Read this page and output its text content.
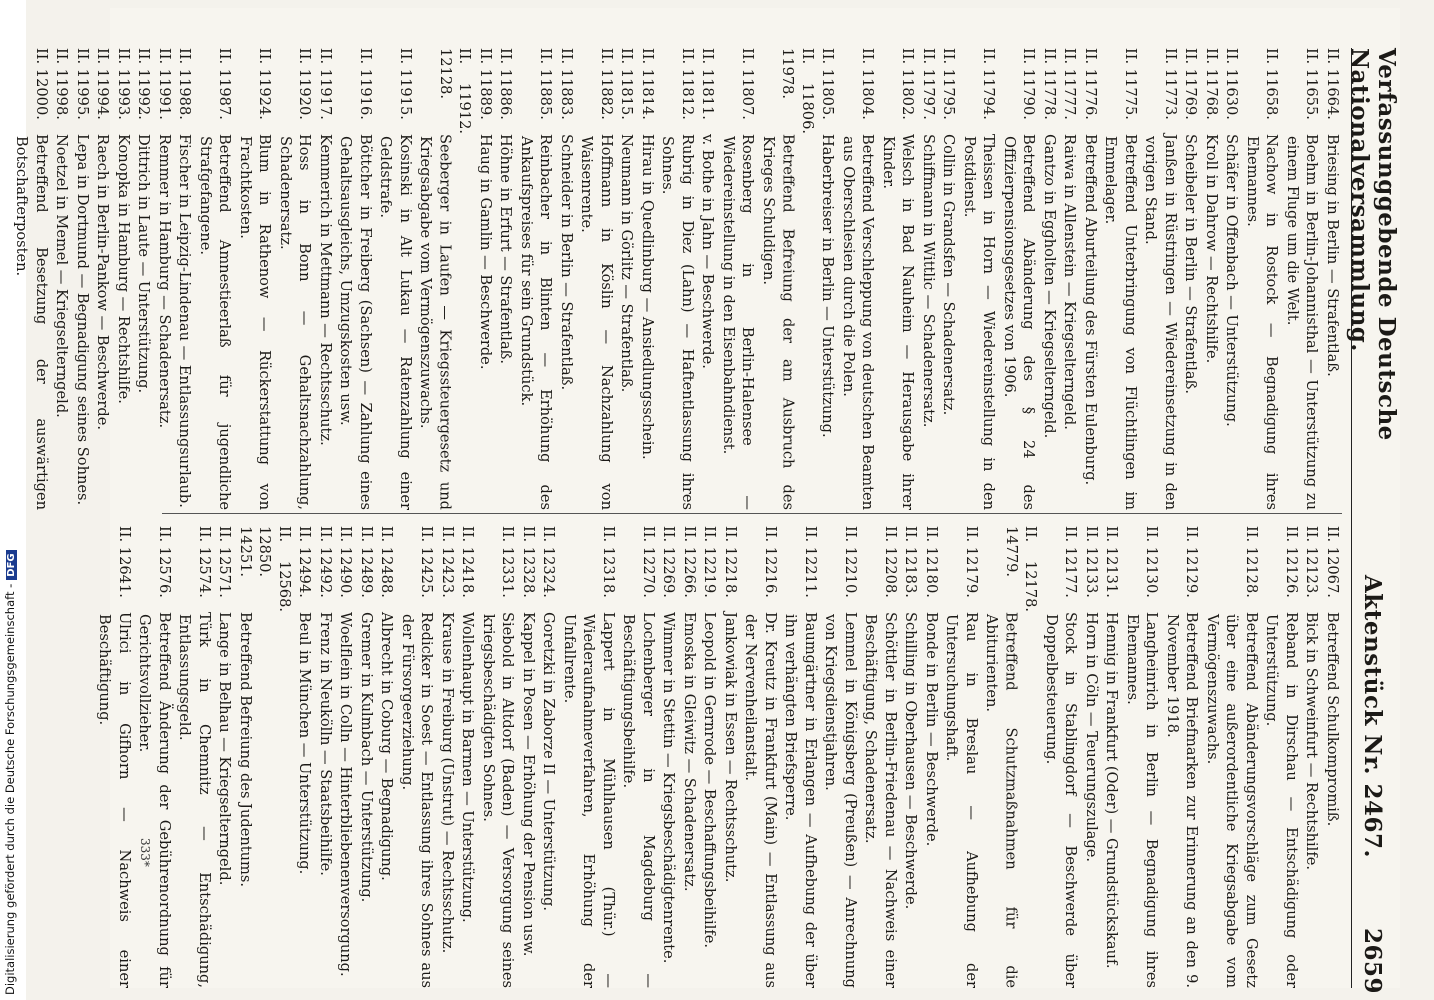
Digitalisierung gefördert durch die Deutsche Forschungsgemeinschaft -DFG
Verfassunggebende Deutsche Nationalversammlung.
Aktenstück Nr. 2467.
2659
II. 11664.Briesing in Berlin — Strafentlaß.
II. 11655.Boehm in Berlin-Johannisthal — Unterstützung zu einem Fluge um die Welt.
II. 11658.Nachow in Rostock — Begnadigung ihres Ehemannes.
II. 11630.Schäfer in Offenbach — Unterstützung.
II. 11768.Kroll in Dahrow — Rechtshilfe.
II. 11769.Scheibeler in Berlin — Strafentlaß.
II. 11773.Janßen in Rüstringen — Wiedereinsetzung in den vorigen Stand.
II. 11775.Betreffend Unterbringung von Flüchtlingen im Emmelager.
II. 11776.Betreffend Aburteilung des Fürsten Eulenburg.
II. 11777.Raiwa in Allenstein — Kriegselterngeld.
II. 11778.Gantzo in Eggholten — Kriegselterngeld.
II. 11790.Betreffend Abänderung des § 24 des Offizierpensionsgesetzes von 1906.
II. 11794.Theissen in Horn — Wiedereinstellung in den Postdienst.
II. 11795.Collin in Grandsfen — Schadenersatz.
II. 11797.Schiffmann in Wittlic — Schadenersatz.
II. 11802.Welsch in Bad Nauheim — Herausgabe ihrer Kinder.
II. 11804.Betreffend Verschleppung von deutschen Beamten aus Oberschlesien durch die Polen.
II. 11805.Haberbreiser in Berlin — Unterstützung.
II. 11806. 11978.Betreffend Befreiung der am Ausbruch des Krieges Schuldigen.
II. 11807.Rosenberg in Berlin-Halensee — Wiedereinstellung in den Eisenbahndienst.
II. 11811.v. Bothe in Jahn — Beschwerde.
II. 11812.Rubrig in Diez (Lahn) — Haftentlassung ihres Sohnes.
II. 11814.Hirau in Quedlinburg — Ansiedlungsschein.
II. 11815.Neumann in Görlitz — Strafentlaß.
II. 11882.Hoffmann in Köslin — Nachzahlung von Waisenrente.
II. 11883.Schneider in Berlin — Strafentlaß.
II. 11885.Reinbacher in Blinten — Erhöhung des Ankaufspreises für sein Grundstück.
II. 11886.Höhne in Erfurt — Strafentlaß.
II. 11889.Haug in Gamlin — Beschwerde.
II. 11912. 12128.Seeberger in Laufen — Kriegssteuergesetz und Kriegsabgabe vom Vermögenszuwachs.
II. 11915.Kosinski in Alt Lukau — Ratenzahlung einer Geldstrafe.
II. 11916.Böttcher in Freiberg (Sachsen) — Zahlung eines Gehaltsausgleichs, Umzugskosten usw.
II. 11917.Kemmerich in Mettmann — Rechtsschutz.
II. 11920.Hoss in Bonn — Gehaltsnachzahlung, Schadenersatz.
II. 11924.Blum in Rathenow — Rückerstattung von Frachtkosten.
II. 11987.Betreffend Amnestieerlaß für jugendliche Strafgefangene.
II. 11988.Fischer in Leipzig-Lindenau — Entlassungsurlaub.
II. 11991.Remmer in Hamburg — Schadenersatz.
II. 11992.Dittrich in Laute — Unterstützung.
II. 11993.Konopka in Hamburg — Rechtshilfe.
II. 11994.Raech in Berlin-Pankow — Beschwerde.
II. 11995.Lepa in Dortmund — Begnadigung seines Sohnes.
II. 11998.Noetzel in Memel — Kriegselterngeld.
II. 12000.Betreffend Besetzung der auswärtigen Botschafterposten.
II. 12067.Betreffend Schulkompromiß.
II. 12123.Bick in Schweinfurt — Rechtshilfe.
II. 12126.Reband in Dirschau — Entschädigung oder Unterstützung.
II. 12128.Betreffend Abänderungsvorschläge zum Gesetz über eine außerordentliche Kriegsabgabe vom Vermögenszuwachs.
II. 12129.Betreffend Briefmarken zur Erinnerung an den 9. November 1918.
II. 12130.Langheinrich in Berlin — Begnadigung ihres Ehemannes.
II. 12131.Hennig in Frankfurt (Oder) — Grundstückskauf.
II. 12133.Horn in Cöln — Teuerungszulage.
II. 12177.Stock in Stablingdorf — Beschwerde über Doppelbesteuerung.
II. 12178. 14779.Betreffend Schutzmaßnahmen für die Abiturienten.
II. 12179.Rau in Breslau — Aufhebung der Untersuchungshaft.
II. 12180.Bonde in Berlin — Beschwerde.
II. 12183.Schilling in Oberhausen — Beschwerde.
II. 12208.Schöttler in Berlin-Friedenau — Nachweis einer Beschäftigung, Schadenersatz.
II. 12210.Lemmel in Königsberg (Preußen) — Anrechnung von Kriegsdienstjahren.
II. 12211.Baumgärtner in Erlangen — Aufhebung der über ihn verhängten Briefsperre.
II. 12216.Dr. Kreutz in Frankfurt (Main) — Entlassung aus der Nervenheilanstalt.
II. 12218.Jankowiak in Essen — Rechtsschutz.
II. 12219.Leopold in Gernrode — Beschaffungsbeihilfe.
II. 12266.Emoska in Gleiwitz — Schadenersatz.
II. 12269.Wimmer in Stettin — Kriegsbeschädigtenrente.
II. 12270.Lochenberger in Magdeburg — Beschäftigungsbeihilfe.
II. 12318.Lappert in Mühlhausen (Thür.) — Wiederaufnahmeverfahren, Erhöhung der Unfallrente.
II. 12324.Goretzki in Zaborze II — Unterstützung.
II. 12328.Kappel in Posen — Erhöhung der Pension usw.
II. 12331.Siebold in Altdorf (Baden) — Versorgung seines kriegsbeschädigten Sohnes.
II. 12418.Wollenhaupt in Barmen — Unterstützung.
II. 12423.Krause in Freiburg (Unstrut) — Rechtsschutz.
II. 12425.Redicker in Soest — Entlassung ihres Sohnes aus der Fürsorgeerziehung.
II. 12488.Albrecht in Coburg — Begnadigung.
II. 12489.Gremer in Kulmbach — Unterstützung.
II. 12490.Woelflein in Colln — Hinterbliebenenversorgung.
II. 12492.Frenz in Neukölln — Staatsbeihilfe.
II. 12494.Beul in München — Unterstützung.
II. 12568. 12850. 14251.Betreffend Befreiung des Judentums.
II. 12571.Lange in Belhau — Kriegselterngeld.
II. 12574.Türk in Chemnitz — Entschädigung, Entlassungsgeld.
II. 12576.Betreffend Änderung der Gebührenordnung für Gerichtsvollzieher.
II. 12641.Ulrici in Gifhorn — Nachweis einer Beschäftigung.
333*
